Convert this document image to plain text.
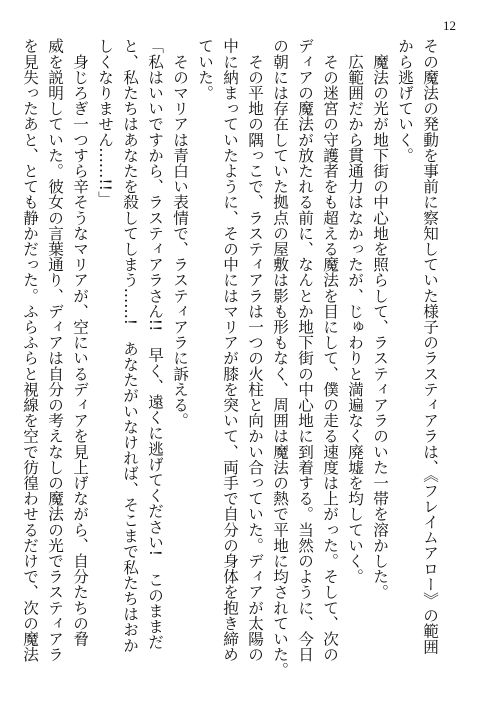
12
その魔法の発動を事前に察知していた様子のラスティアラは、《フレイムアロー》の範囲
から逃げていく。
　魔法の光が地下街の中心地を照らして、ラスティアラのいた一帯を溶かした。
　広範囲だから貫通力はなかったが、じゅわりと満遍なく廃墟を均していく。
　その迷宮の守護者をも超える魔法を目にして、僕の走る速度は上がった。そして、次の
ディアの魔法が放たれる前に、なんとか地下街の中心地に到着する。当然のように、今日
の朝には存在していた拠点の屋敷は影も形もなく、周囲は魔法の熱で平地に均されていた。
　その平地の隅っこで、ラスティアラは一つの火柱と向かい合っていた。ディアが太陽の
中に納まっていたように、その中にはマリアが膝を突いて、両手で自分の身体を抱き締め
ていた。
　そのマリアは青白い表情で、ラスティアラに訴える。
「私はいいですから、ラスティアラさん!!　早く、遠くに逃げてください!　このままだ
と、私たちはあなたを殺してしまう……!　あなたがいなければ、そこまで私たちはおか
しくなりません……!!」
　身じろぎ一つすら辛そうなマリアが、空にいるディアを見上げながら、自分たちの脅
威を説明していた。彼女の言葉通り、ディアは自分の考えなしの魔法の光でラスティアラ
を見失ったあと、とても静かだった。ふらふらと視線を空で彷徨わせるだけで、次の魔法
